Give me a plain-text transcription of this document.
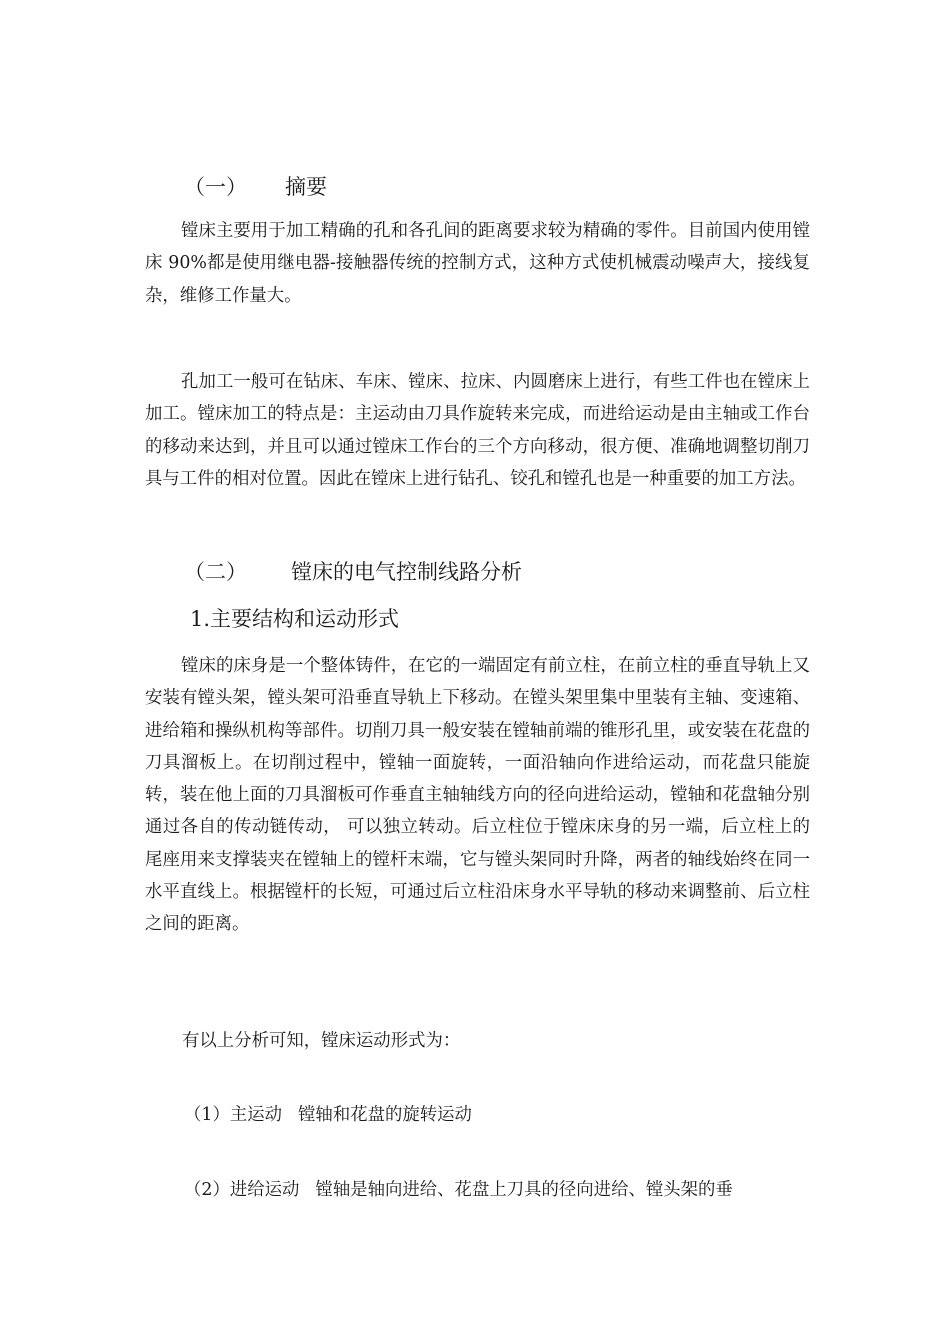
（一） 摘要

镗床主要用于加工精确的孔和各孔间的距离要求较为精确的零件。目前国内使用镗床 90%都是使用继电器-接触器传统的控制方式，这种方式使机械震动噪声大，接线复杂，维修工作量大。

孔加工一般可在钻床、车床、镗床、拉床、内圆磨床上进行，有些工件也在镗床上加工。镗床加工的特点是：主运动由刀具作旋转来完成，而进给运动是由主轴或工作台的移动来达到，并且可以通过镗床工作台的三个方向移动，很方便、准确地调整切削刀具与工件的相对位置。因此在镗床上进行钻孔、铰孔和镗孔也是一种重要的加工方法。

（二） 镗床的电气控制线路分析
1.主要结构和运动形式

镗床的床身是一个整体铸件，在它的一端固定有前立柱，在前立柱的垂直导轨上又安装有镗头架，镗头架可沿垂直导轨上下移动。在镗头架里集中里装有主轴、变速箱、进给箱和操纵机构等部件。切削刀具一般安装在镗轴前端的锥形孔里，或安装在花盘的刀具溜板上。在切削过程中，镗轴一面旋转，一面沿轴向作进给运动，而花盘只能旋转，装在他上面的刀具溜板可作垂直主轴轴线方向的径向进给运动，镗轴和花盘轴分别通过各自的传动链传动， 可以独立转动。后立柱位于镗床床身的另一端，后立柱上的尾座用来支撑装夹在镗轴上的镗杆末端，它与镗头架同时升降，两者的轴线始终在同一水平直线上。根据镗杆的长短，可通过后立柱沿床身水平导轨的移动来调整前、后立柱之间的距离。

有以上分析可知，镗床运动形式为：
（1）主运动 镗轴和花盘的旋转运动
（2）进给运动 镗轴是轴向进给、花盘上刀具的径向进给、镗头架的垂
